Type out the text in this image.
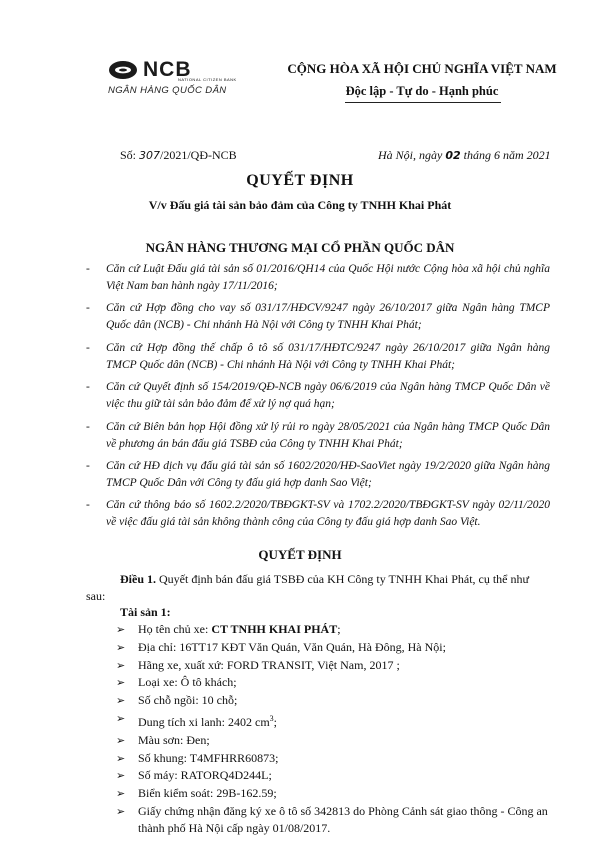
NCB
NATIONAL CITIZEN BANK
NGÂN HÀNG QUỐC DÂN
CỘNG HÒA XÃ HỘI CHỦ NGHĨA VIỆT NAM
Độc lập - Tự do - Hạnh phúc
Số: 307/2021/QĐ-NCB	Hà Nội, ngày 02 tháng 6 năm 2021
QUYẾT ĐỊNH
V/v Đấu giá tài sản bảo đảm của Công ty TNHH Khai Phát
NGÂN HÀNG THƯƠNG MẠI CỔ PHẦN QUỐC DÂN
- Căn cứ Luật Đấu giá tài sản số 01/2016/QH14 của Quốc Hội nước Cộng hòa xã hội chủ nghĩa Việt Nam ban hành ngày 17/11/2016;
- Căn cứ Hợp đồng cho vay số 031/17/HĐCV/9247 ngày 26/10/2017 giữa Ngân hàng TMCP Quốc dân (NCB) - Chi nhánh Hà Nội với Công ty TNHH Khai Phát;
- Căn cứ Hợp đồng thế chấp ô tô số 031/17/HĐTC/9247 ngày 26/10/2017 giữa Ngân hàng TMCP Quốc dân (NCB) - Chi nhánh Hà Nội với Công ty TNHH Khai Phát;
- Căn cứ Quyết định số 154/2019/QĐ-NCB ngày 06/6/2019 của Ngân hàng TMCP Quốc Dân về việc thu giữ tài sản bảo đảm để xử lý nợ quá hạn;
- Căn cứ Biên bản họp Hội đồng xử lý rủi ro ngày 28/05/2021 của Ngân hàng TMCP Quốc Dân về phương án bán đấu giá TSBĐ của Công ty TNHH Khai Phát;
- Căn cứ HĐ dịch vụ đấu giá tài sản số 1602/2020/HĐ-SaoViet ngày 19/2/2020 giữa Ngân hàng TMCP Quốc Dân với Công ty đấu giá hợp danh Sao Việt;
- Căn cứ thông báo số 1602.2/2020/TBĐGKT-SV và 1702.2/2020/TBĐGKT-SV ngày 02/11/2020 về việc đấu giá tài sản không thành công của Công ty đấu giá hợp danh Sao Việt.
QUYẾT ĐỊNH
Điều 1. Quyết định bán đấu giá TSBĐ của KH Công ty TNHH Khai Phát, cụ thể như
sau:
Tài sản 1:
➢ Họ tên chủ xe: CT TNHH KHAI PHÁT;
➢ Địa chỉ: 16TT17 KĐT Văn Quán, Văn Quán, Hà Đông, Hà Nội;
➢ Hãng xe, xuất xứ: FORD TRANSIT, Việt Nam, 2017 ;
➢ Loại xe: Ô tô khách;
➢ Số chỗ ngồi: 10 chỗ;
➢ Dung tích xi lanh: 2402 $cm^3$;
➢ Màu sơn: Đen;
➢ Số khung: T4MFHRR60873;
➢ Số máy: RATORQ4D244L;
➢ Biển kiểm soát: 29B-162.59;
➢ Giấy chứng nhận đăng ký xe ô tô số 342813 do Phòng Cảnh sát giao thông - Công an thành phố Hà Nội cấp ngày 01/08/2017.
